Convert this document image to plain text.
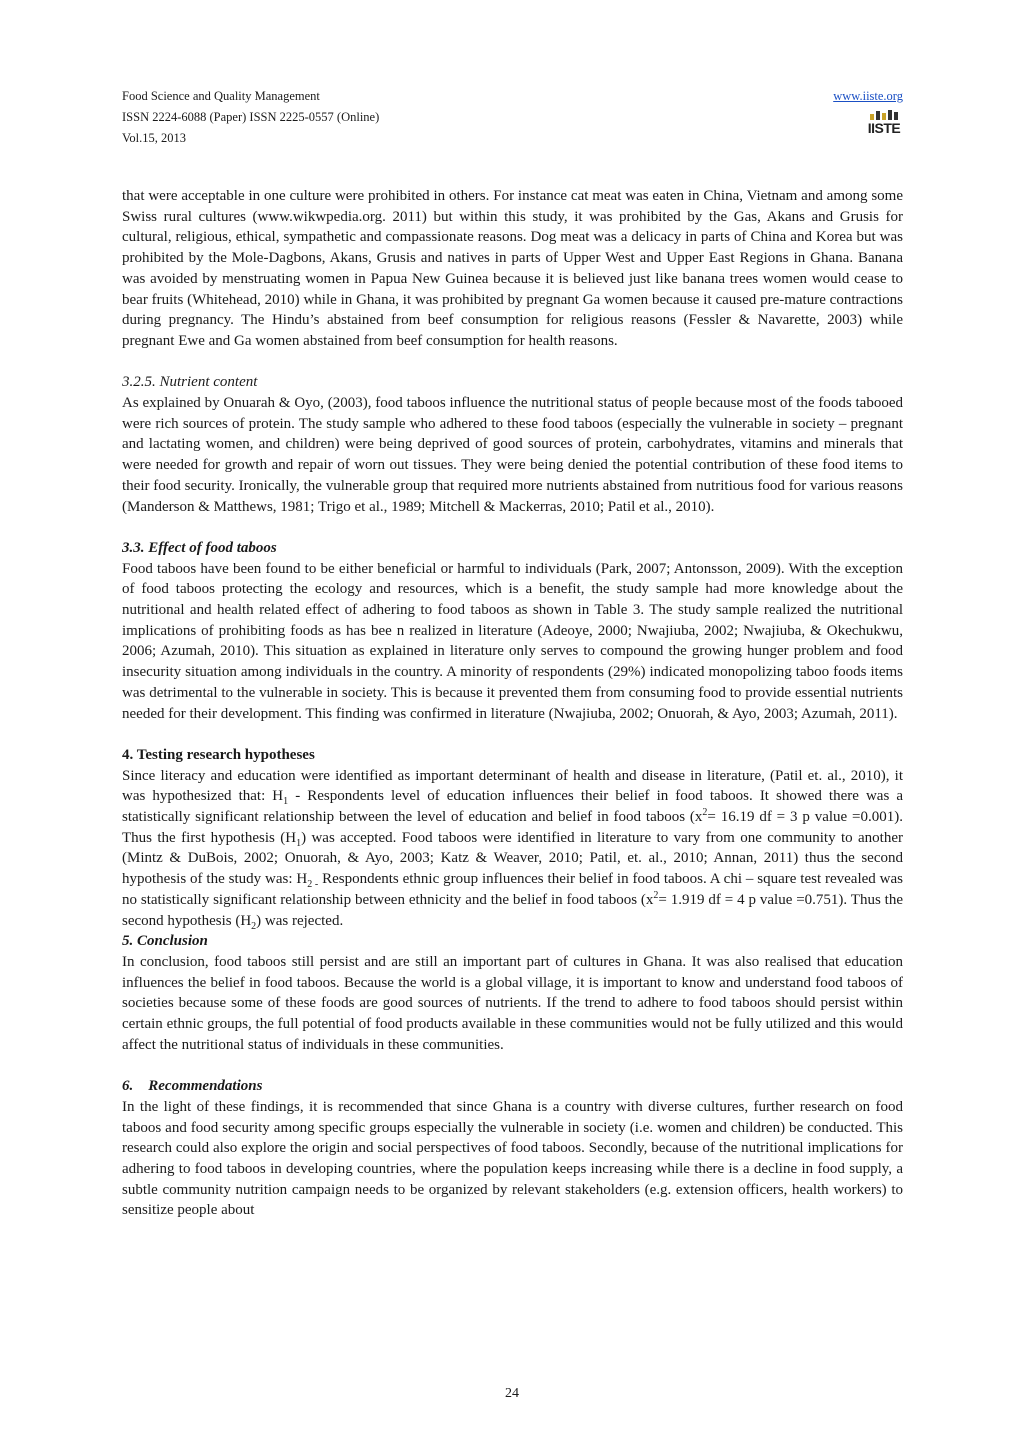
Food Science and Quality Management
ISSN 2224-6088 (Paper) ISSN 2225-0557 (Online)
Vol.15, 2013
www.iiste.org
IISTE

that were acceptable in one culture were prohibited in others. For instance cat meat was eaten in China, Vietnam and among some Swiss rural cultures (www.wikwpedia.org. 2011) but within this study, it was prohibited by the Gas, Akans and Grusis for cultural, religious, ethical, sympathetic and compassionate reasons. Dog meat was a delicacy in parts of China and Korea but was prohibited by the Mole-Dagbons, Akans, Grusis and natives in parts of Upper West and Upper East Regions in Ghana. Banana was avoided by menstruating women in Papua New Guinea because it is believed just like banana trees women would cease to bear fruits (Whitehead, 2010) while in Ghana, it was prohibited by pregnant Ga women because it caused pre-mature contractions during pregnancy. The Hindu’s abstained from beef consumption for religious reasons (Fessler & Navarette, 2003) while pregnant Ewe and Ga women abstained from beef consumption for health reasons.

3.2.5. Nutrient content

As explained by Onuarah & Oyo, (2003), food taboos influence the nutritional status of people because most of the foods tabooed were rich sources of protein. The study sample who adhered to these food taboos (especially the vulnerable in society – pregnant and lactating women, and children) were being deprived of good sources of protein, carbohydrates, vitamins and minerals that were needed for growth and repair of worn out tissues. They were being denied the potential contribution of these food items to their food security. Ironically, the vulnerable group that required more nutrients abstained from nutritious food for various reasons (Manderson & Matthews, 1981; Trigo et al., 1989; Mitchell & Mackerras, 2010; Patil et al., 2010).

3.3. Effect of food taboos

Food taboos have been found to be either beneficial or harmful to individuals (Park, 2007; Antonsson, 2009). With the exception of food taboos protecting the ecology and resources, which is a benefit, the study sample had more knowledge about the nutritional and health related effect of adhering to food taboos as shown in Table 3. The study sample realized the nutritional implications of prohibiting foods as has bee n realized in literature (Adeoye, 2000; Nwajiuba, 2002; Nwajiuba, & Okechukwu, 2006; Azumah, 2010). This situation as explained in literature only serves to compound the growing hunger problem and food insecurity situation among individuals in the country. A minority of respondents (29%) indicated monopolizing taboo foods items was detrimental to the vulnerable in society. This is because it prevented them from consuming food to provide essential nutrients needed for their development. This finding was confirmed in literature (Nwajiuba, 2002; Onuorah, & Ayo, 2003; Azumah, 2011).

4. Testing research hypotheses

Since literacy and education were identified as important determinant of health and disease in literature, (Patil et. al., 2010), it was hypothesized that: $H_1$ - Respondents level of education influences their belief in food taboos. It showed there was a statistically significant relationship between the level of education and belief in food taboos ($x^2= 16.19$ df = 3 p value =0.001). Thus the first hypothesis $(H_1)$ was accepted. Food taboos were identified in literature to vary from one community to another (Mintz & DuBois, 2002; Onuorah, & Ayo, 2003; Katz & Weaver, 2010; Patil, et. al., 2010; Annan, 2011) thus the second hypothesis of the study was: $H_{2 -}$ Respondents ethnic group influences their belief in food taboos. A chi – square test revealed was no statistically significant relationship between ethnicity and the belief in food taboos ($x^2= 1.919$ df = 4 p value =0.751). Thus the second hypothesis $(H_2)$ was rejected.

5. Conclusion

In conclusion, food taboos still persist and are still an important part of cultures in Ghana. It was also realised that education influences the belief in food taboos. Because the world is a global village, it is important to know and understand food taboos of societies because some of these foods are good sources of nutrients. If the trend to adhere to food taboos should persist within certain ethnic groups, the full potential of food products available in these communities would not be fully utilized and this would affect the nutritional status of individuals in these communities.

6.    Recommendations

In the light of these findings, it is recommended that since Ghana is a country with diverse cultures, further research on food taboos and food security among specific groups especially the vulnerable in society (i.e. women and children) be conducted. This research could also explore the origin and social perspectives of food taboos. Secondly, because of the nutritional implications for adhering to food taboos in developing countries, where the population keeps increasing while there is a decline in food supply, a subtle community nutrition campaign needs to be organized by relevant stakeholders (e.g. extension officers, health workers) to sensitize people about

24
